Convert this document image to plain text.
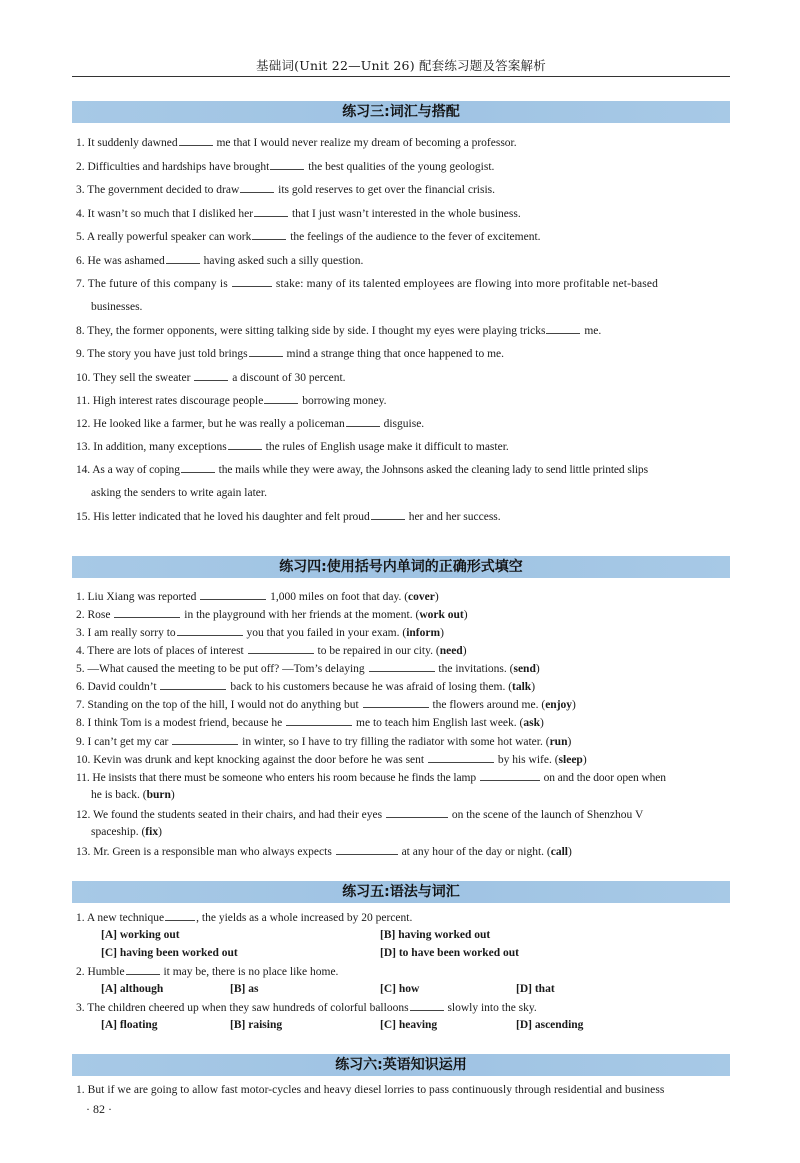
基础词(Unit 22—Unit 26) 配套练习题及答案解析
练习三:词汇与搭配
1. It suddenly dawned	me that I would never realize my dream of becoming a professor.
2. Difficulties and hardships have brought	the best qualities of the young geologist.
3. The government decided to draw	its gold reserves to get over the financial crisis.
4. It wasn’t so much that I disliked her	that I just wasn’t interested in the whole business.
5. A really powerful speaker can work	the feelings of the audience to the fever of excitement.
6. He was ashamed	having asked such a silly question.
7. The future of this company is	stake: many of its talented employees are flowing into more profitable net-based
businesses.
8. They, the former opponents, were sitting talking side by side. I thought my eyes were playing tricks	me.
9. The story you have just told brings	mind a strange thing that once happened to me.
10. They sell the sweater	a discount of 30 percent.
11. High interest rates discourage people	borrowing money.
12. He looked like a farmer, but he was really a policeman	disguise.
13. In addition, many exceptions	the rules of English usage make it difficult to master.
14. As a way of coping	the mails while they were away, the Johnsons asked the cleaning lady to send little printed slips
asking the senders to write again later.
15. His letter indicated that he loved his daughter and felt proud	her and her success.
练习四:使用括号内单词的正确形式填空
1. Liu Xiang was reported	1,000 miles on foot that day. (cover)
2. Rose	in the playground with her friends at the moment. (work out)
3. I am really sorry to	you that you failed in your exam. (inform)
4. There are lots of places of interest	to be repaired in our city. (need)
5. —What caused the meeting to be put off? —Tom’s delaying	the invitations. (send)
6. David couldn’t	back to his customers because he was afraid of losing them. (talk)
7. Standing on the top of the hill, I would not do anything but	the flowers around me. (enjoy)
8. I think Tom is a modest friend, because he	me to teach him English last week. (ask)
9. I can’t get my car	in winter, so I have to try filling the radiator with some hot water. (run)
10. Kevin was drunk and kept knocking against the door before he was sent	by his wife. (sleep)
11. He insists that there must be someone who enters his room because he finds the lamp	on and the door open when
he is back. (burn)
12. We found the students seated in their chairs, and had their eyes	on the scene of the launch of Shenzhou V
spaceship. (fix)
13. Mr. Green is a responsible man who always expects	at any hour of the day or night. (call)
练习五:语法与词汇
1. A new technique	, the yields as a whole increased by 20 percent.
[A] working out	[B] having worked out
[C] having been worked out	[D] to have been worked out
2. Humble	it may be, there is no place like home.
[A] although	[B] as	[C] how	[D] that
3. The children cheered up when they saw hundreds of colorful balloons	slowly into the sky.
[A] floating	[B] raising	[C] heaving	[D] ascending
练习六:英语知识运用
1. But if we are going to allow fast motor-cycles and heavy diesel lorries to pass continuously through residential and business
· 82 ·
